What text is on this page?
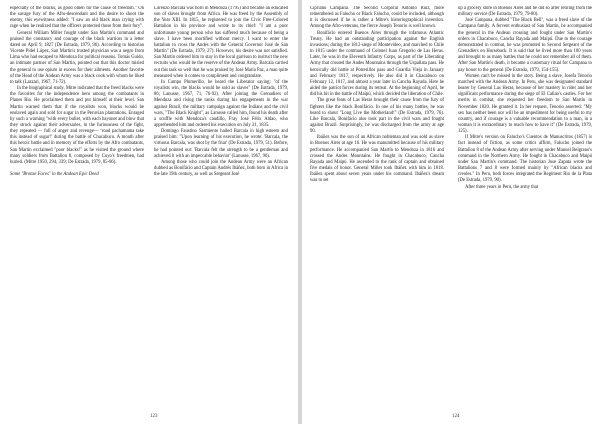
especially of the blacks, as good omen for the cause of freedom." On the savage fury of the Afro-descendant and the desire to shoot the enemy, this eyewitness added: "I saw an old black man crying with rage when he realized that the officers protected those from their fury".

General William Miller fought under San Martin's command and praised the constancy and courage of the black warriors in a letter dated on April 9, 1827 (De Estrada, 1979, 96). According to historian Vicente Pidel López, San Martin's trusted physician was a negro from Lima who had escaped to Mendoza for political reasons. Tomás Guido, an intimate partner of San Martin, pointed out that this doctor misled the general to use opium in excess for their ailments. Another favorite of the Head of the Andean Army was a black cook with whom he liked to talk (Lazzari, 1967, 71-72).

In the biographical study, Mitre indicated that the freed blacks were the favorites for the independence hero among the combatants in Planes Rio. He proclaimed them and put himself at their level. San Martin warned them that if the royalists won, blacks would be enslaved again and sold for sugar in the Peruvian plantations. Enraged by such a warning "with every bullet, with each bayonet and blow that they struck against their adversaries, in the furiousness of the fight, they repeated — full of anger and revenge— ‘road pachamama take this instead of sugar!’ during the battle of Chacabuco. A month after this heroic battle and in memory of the efforts by the Afro combatants, San Martin exclaimed "poor blacks!" as he visited the ground where many soldiers from Battalion 8, composed by Cuyo's freedmen, had buried. (Mitre 1950, 294, 339; De Estrada, 1979, 85-86).

Some "Bronze Faces" in the Andean Epic Deed

Lorenzo Barcala was born in Mendoza (1795) and became an educated son of slaves brought from Africa. He was freed by the Assembly of the Year XIII. In 1815, he registered to join the Civic Free-Colored Battalion in his province and wrote to its chief: "I am a poor unfortunate young person who has suffered much because of being a slave. I have been mortified without mercy. I want to enter the battalion to cross the Andes with the General Governor José de San Martín" (De Estrada, 1979, 27). However, his desire was not satisfied. San Martín ordered him to stay in the local garrison to instruct the new recruits who would be the reserve of the Andean Army. Barcala carried out this task so well that he was praised by José María Paz, a man quite measured when it comes to compliment and congratulate.

In Campo Plumerillo, he heard the Liberator saying: "of the royalists win, the blacks would be sold as slaves" (De Estrada, 1979, 86; Lanusse, 1967, 71, 76-92). After joining the Grenadiers of Mendoza and rising the ranks during his engagements in the war against Brazil, the military campaign against the Indians and the civil wars, "The Black Knight", as Lanusse called him, found his death after a scuffle with Mendoza's caudillo, Fray José Félix Aldao, who apprehended him and ordered his execution on July 31, 1835.

Domingo Faustino Sarmiento hailed Barcala in high esteem and praised him: "Upon learning of his execution, he wrote: 'Barcala, the virtuous Barcala, was shot by the friar' (De Estrada, 1979, 51). Before, he had pointed out: 'Barcala felt the strength to be a gentleman and achieved it with an impeccable behavior' (Lanusse, 1967, 90).

Among those who could join the Andean Army were an African dubbed as Bonifácio and Captain Andrés Ibáñez, both born in Africa in the late 19th century, as well as Sergeant José

123

Cipriano Campana. The Second Corporal Antonio Ruiz, more remembered as Falucho or Black Falucho, could be included, although it is discussed if he is rather a Mitre's historiographical invention. Among the Afro-veterans, the fierce Joseph Tenorio is well known.

Bonifácio entered Buenos Aires through the infamous Atlantic Treaty. He had an outstanding participation against the English invasions; during the 1812-siege of Montevideo, and marched to Chile in 1815 under the command of Colonel Juan Gregorio de Las Heras. Later, he was in the Eleventh Infantry Corps, as part of the Liberating Army that crossed the Andes Mountains through the Uspallata pass. He heroically did battle at Potrerillos pass and Guardia Vieja in January and February 1817, respectively. He also did it in Chacabuco on February 12, 1817, and almost a year later in Cancha Rayada. Here he aided the patriot forces during its retreat. At the beginning of April, he did his bit in the battle of Maipú, which decided the liberation of Chile.

The great feats of Las Heras brought their cause from the fury of fighters like the black Bonifácio. In one of his many battles, he was heard to shout "Long Live the Motherland!" (De Estrada, 1979, 76). Like Barcala, Bonifácio also took part in the civil wars and fought against Brazil. Surprisingly, he was discharged from the army at age 90.

Ibáñez was the son of an African nobleman and was sold as slave in Buenos Aires at age 16. He was manumitted because of his military performance. He accompanied San Martín to Mendoza in 1816 and crossed the Andes Mountains. He fought in Chacabuco, Cancha Rayada and Maipú. He ascended to the rank of captain and obtained five medals of honor. General Miller took Ibáñez with him in 1818. Ibáñez spent about seven years under his command. Ibáñez's dream was to set

up a grocery store in Buenos Aires and he did so after retiring from the military service (De Estrada, 1979, 79-80).

José Campana, dubbed "The Black Bell", was a freed slave of the Campana family. A fervent enthusiast of San Martín, he accompanied the general in the Andean crossing and fought under San Martín's orders in Chacabuco, Cancha Rayada and Maipú. Due to the courage demonstrated in combat, he was promoted to Second Sergeant of the Grenadiers on Horseback. It is said that he lived more than 100 years and brought to as many battles that he could not remember all of them. After San Martín's death, it became a customary ritual for Campana to pay honor to the general (De Estrada, 1979, 154-155).

Women can't be missed in the story. Being a slave, Josefa Tenorio marched with the Andean Army. In Peru, she was designated standard bearer by General Las Heras, because of her mastery in rider and her significant performance during the siege of El Callao's castles. For her merits in combat, she requested her freedom to San Martín in November 1820. He granted it. In her request, Tenorio asserted: "My sex has neither been nor will be an impediment for being useful to my country, and if courage is a valuable recommendation to a man, in a woman it is extraordinary to reach how to have it" (De Estrada, 1979, 125).

If Mitre's version on Falucho's Cuentos de Manuscritos (1857) is fact instead of fiction, as some critics affirm, Falucho joined the Battalion 8 of the Andean Army after serving under Manuel Belgrano's command in the Northern Army. He fought in Chacabuco and Maipú under San Martín's command. The historian Jose Zapata wrote the Battalions 7 and 8 were formed mainly by "African blacks and creoles." In Peru, both forces integrated the Regiment Rio de la Plata (De Estrada, 1979, 90).

After three years in Peru, the army that

124
